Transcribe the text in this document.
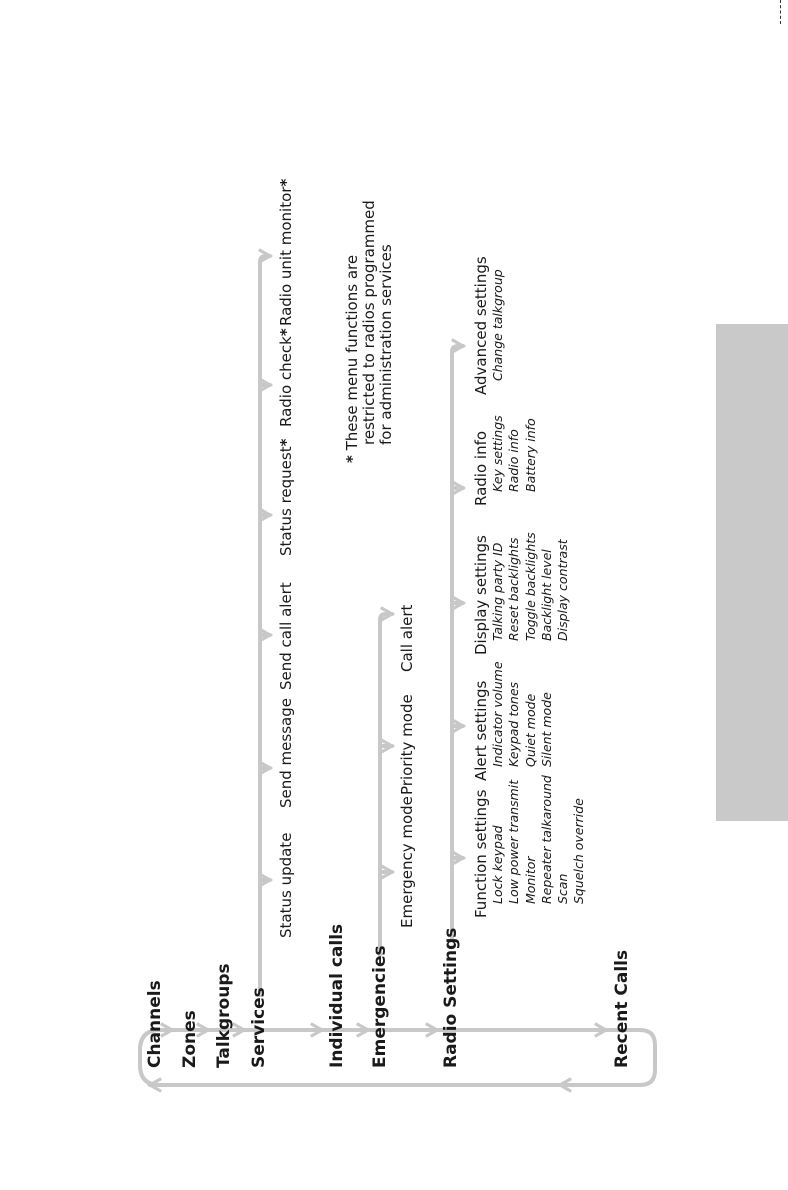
Channels Zones Talkgroups Services	Individual calls Emergencies	Radio Settings	Recent Calls
Status update
Send message
Send call alert
Status request*
Radio check*
Radio unit monitor*
* These menu functions are restricted to radios programmed for administration services
Emergency mode
Priority mode
Call alert
Function settings Lock keypad Low power transmit Monitor Repeater talkaround Scan Squelch override
Alert settings Indicator volume Keypad tones Quiet mode Silent mode
Display settings Talking party ID Reset backlights Toggle backlights Backlight level Display contrast
Radio info Key settings Radio info Battery info
Advanced settings Change talkgroup
